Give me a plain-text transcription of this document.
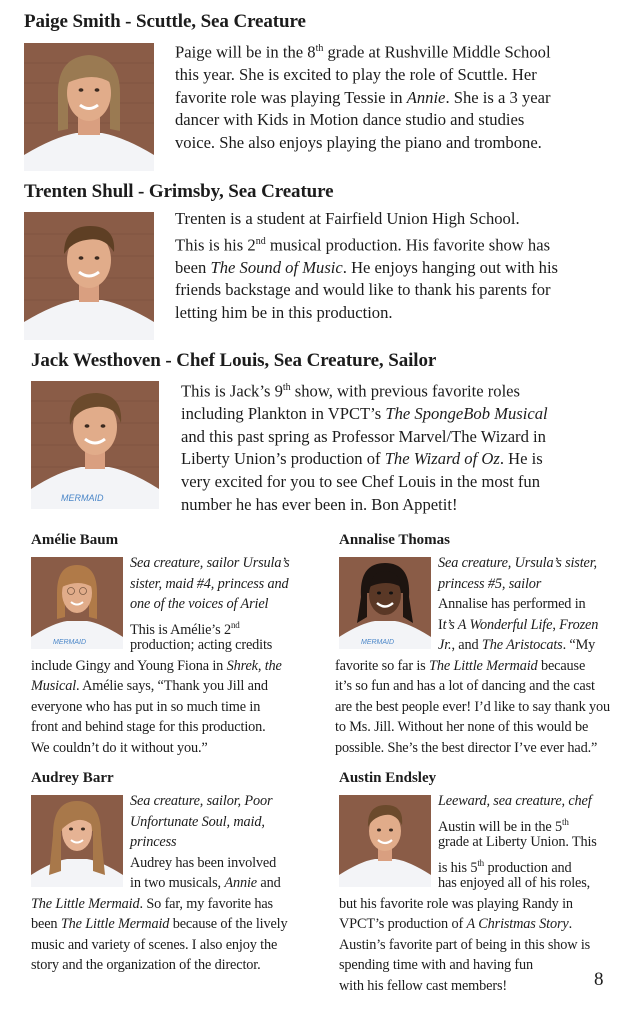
Paige Smith - Scuttle, Sea Creature
Paige will be in the 8th grade at Rushville Middle School
this year. She is excited to play the role of Scuttle. Her
favorite role was playing Tessie in Annie. She is a 3 year
dancer with Kids in Motion dance studio and studies
voice. She also enjoys playing the piano and trombone.
Trenten Shull - Grimsby, Sea Creature
Trenten is a student at Fairfield Union High School.
This is his 2nd musical production. His favorite show has
been The Sound of Music. He enjoys hanging out with his
friends backstage and would like to thank his parents for
letting him be in this production.
Jack Westhoven - Chef Louis, Sea Creature, Sailor
MERMAID
This is Jack’s 9th show, with previous favorite roles
including Plankton in VPCT’s The SpongeBob Musical
and this past spring as Professor Marvel/The Wizard in
Liberty Union’s production of The Wizard of Oz. He is
very excited for you to see Chef Louis in the most fun
number he has ever been in. Bon Appetit!
Amélie Baum
MERMAID
Sea creature, sailor Ursula’s
sister, maid #4, princess and
one of the voices of Ariel
This is Amélie’s 2nd
production; acting credits
include Gingy and Young Fiona in Shrek, the
Musical. Amélie says, “Thank you Jill and
everyone who has put in so much time in
front and behind stage for this production.
We couldn’t do it without you.”
Annalise Thomas
MERMAID
Sea creature, Ursula’s sister,
princess #5, sailor
Annalise has performed in
It’s A Wonderful Life, Frozen
Jr., and The Aristocats. “My
favorite so far is The Little Mermaid because
it’s so fun and has a lot of dancing and the cast
are the best people ever! I’d like to say thank you
to Ms. Jill. Without her none of this would be
possible. She’s the best director I’ve ever had.”
Audrey Barr
Sea creature, sailor, Poor
Unfortunate Soul, maid,
princess
Audrey has been involved
in two musicals, Annie and
The Little Mermaid. So far, my favorite has
been The Little Mermaid because of the lively
music and variety of scenes. I also enjoy the
story and the organization of the director.
Austin Endsley
Leeward, sea creature, chef
Austin will be in the 5th
grade at Liberty Union. This
is his 5th production and
has enjoyed all of his roles,
but his favorite role was playing Randy in
VPCT’s production of A Christmas Story.
Austin’s favorite part of being in this show is
spending time with and having fun
with his fellow cast members!	8
